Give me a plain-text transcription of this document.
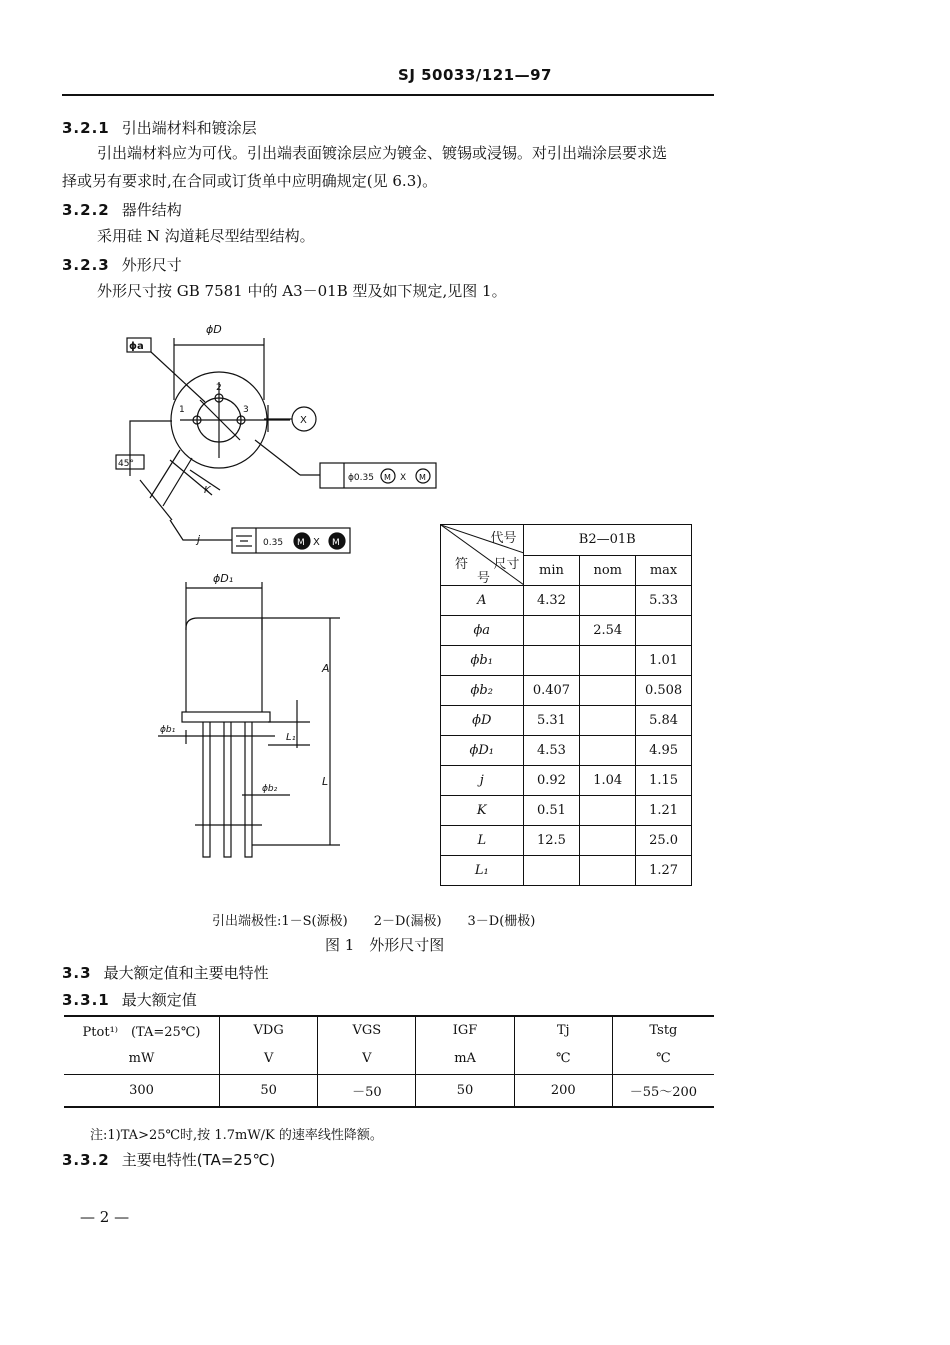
SJ 50033/121—97
3.2.1 引出端材料和镀涂层
引出端材料应为可伐。引出端表面镀涂层应为镀金、镀锡或浸锡。对引出端涂层要求选
择或另有要求时,在合同或订货单中应明确规定(见 6.3)。
3.2.2 器件结构
采用硅 N 沟道耗尽型结型结构。
3.2.3 外形尺寸
外形尺寸按 GB 7581 中的 A3－01B 型及如下规定,见图 1。
ϕD
ϕa
X
45°
2
1	3
K
j
ϕ0.35 M X M
0.35 M X M
ϕD₁
ϕb₁
ϕb₂
A
L₁
L
代号
尺寸
符
号	B2—01B		
	min	nom	max
A	4.32		5.33
ϕa		2.54	
ϕb₁			1.01
ϕb₂	0.407		0.508
ϕD	5.31		5.84
ϕD₁	4.53		4.95
j	0.92	1.04	1.15
K	0.51		1.21
L	12.5		25.0
L₁			1.27
引出端极性:1－S(源极)　　2－D(漏极)　　3－D(栅极)
图 1　外形尺寸图
3.3 最大额定值和主要电特性
3.3.1 最大额定值
Ptot¹⁾　(TA=25℃)	VDG	VGS	IGF	Tj	Tstg
mW	V	V	mA	℃	℃
300	50	－50	50	200	－55～200
注:1)TA>25℃时,按 1.7mW/K 的速率线性降额。
3.3.2 主要电特性(TA=25℃)
— 2 —
